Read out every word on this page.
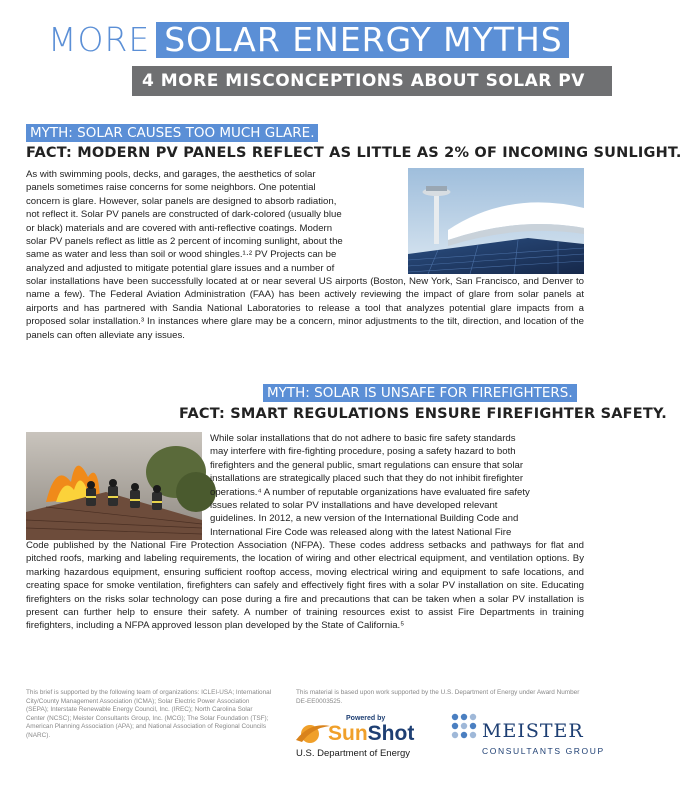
MORE SOLAR ENERGY MYTHS
4 MORE MISCONCEPTIONS ABOUT SOLAR PV
MYTH: SOLAR CAUSES TOO MUCH GLARE.
FACT: MODERN PV PANELS REFLECT AS LITTLE AS 2% OF INCOMING SUNLIGHT.

As with swimming pools, decks, and garages, the aesthetics of solar

panels sometimes raise concerns for some neighbors. One potential

concern is glare. However, solar panels are designed to absorb radiation,

not reflect it. Solar PV panels are constructed of dark-colored (usually blue

or black) materials and are covered with anti-reflective coatings. Modern

solar PV panels reflect as little as 2 percent of incoming sunlight, about the

same as water and less than soil or wood shingles.¹·² PV Projects can be

analyzed and adjusted to mitigate potential glare issues and a number of

solar installations have been successfully located at or near several US airports (Boston, New York, San Francisco, and Denver to name a few). The Federal Aviation Administration (FAA) has been actively reviewing the impact of glare from solar panels at airports and has partnered with Sandia National Laboratories to release a tool that analyzes potential glare impacts from a proposed solar installation.³ In instances where glare may be a concern, minor adjustments to the tilt, direction, and location of the panels can often alleviate any issues.
MYTH: SOLAR IS UNSAFE FOR FIREFIGHTERS.
FACT: SMART REGULATIONS ENSURE FIREFIGHTER SAFETY.

While solar installations that do not adhere to basic fire safety standards

may interfere with fire-fighting procedure, posing a safety hazard to both

firefighters and the general public, smart regulations can ensure that solar

installations are strategically placed such that they do not inhibit firefighter

operations.⁴ A number of reputable organizations have evaluated fire safety

issues related to solar PV installations and have developed relevant

guidelines. In 2012, a new version of the International Building Code and

International Fire Code was released along with the latest National Fire

Code published by the National Fire Protection Association (NFPA). These codes address setbacks and pathways for flat and pitched roofs, marking and labeling requirements, the location of wiring and other electrical equipment, and ventilation options. By marking hazardous equipment, ensuring sufficient rooftop access, moving electrical wiring and equipment to safe locations, and creating space for smoke ventilation, firefighters can safely and effectively fight fires with a solar PV installation on site. Educating firefighters on the risks solar technology can pose during a fire and precautions that can be taken when a solar PV installation is present can further help to ensure their safety. A number of training resources exist to assist Fire Departments in training firefighters, including a NFPA approved lesson plan developed by the State of California.⁵
This brief is supported by the following team of organizations: ICLEI-USA; International City/County Management Association (ICMA); Solar Electric Power Association (SEPA); Interstate Renewable Energy Council, Inc. (IREC); North Carolina Solar Center (NCSC); Meister Consultants Group, Inc. (MCG); The Solar Foundation (TSF); American Planning Association (APA); and National Association of Regional Councils (NARC).
This material is based upon work supported by the U.S. Department of Energy under Award Number DE-EE0003525.
Powered by
SunShot
U.S. Department of Energy
MEISTER
CONSULTANTS GROUP
